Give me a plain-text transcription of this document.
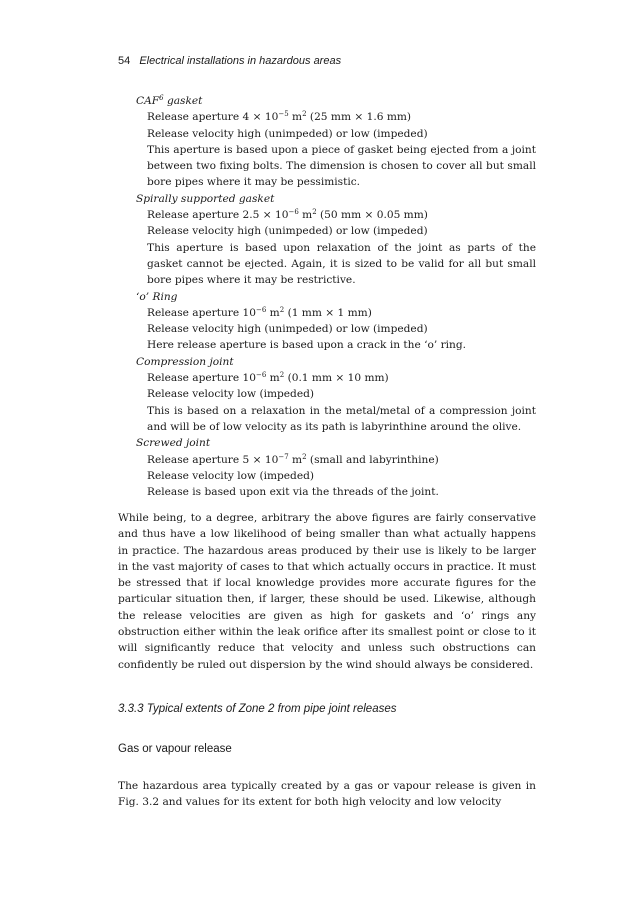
54 Electrical installations in hazardous areas
CAF$^6$ gasket
Release aperture $4 \times 10^{-5}$ $m^2$ (25 mm × 1.6 mm)
Release velocity high (unimpeded) or low (impeded)
This aperture is based upon a piece of gasket being ejected from a joint between two fixing bolts. The dimension is chosen to cover all but small bore pipes where it may be pessimistic.
Spirally supported gasket
Release aperture $2.5 \times 10^{-6}$ $m^2$ (50 mm × 0.05 mm)
Release velocity high (unimpeded) or low (impeded)
This aperture is based upon relaxation of the joint as parts of the gasket cannot be ejected. Again, it is sized to be valid for all but small bore pipes where it may be restrictive.
‘o’ Ring
Release aperture $10^{-6}$ $m^2$ (1 mm × 1 mm)
Release velocity high (unimpeded) or low (impeded)
Here release aperture is based upon a crack in the ‘o’ ring.
Compression joint
Release aperture $10^{-6}$ $m^2$ (0.1 mm × 10 mm)
Release velocity low (impeded)
This is based on a relaxation in the metal/metal of a compression joint and will be of low velocity as its path is labyrinthine around the olive.
Screwed joint
Release aperture $5 \times 10^{-7}$ $m^2$ (small and labyrinthine)
Release velocity low (impeded)
Release is based upon exit via the threads of the joint.
While being, to a degree, arbitrary the above figures are fairly conservative and thus have a low likelihood of being smaller than what actually happens in practice. The hazardous areas produced by their use is likely to be larger in the vast majority of cases to that which actually occurs in practice. It must be stressed that if local knowledge provides more accurate figures for the particular situation then, if larger, these should be used. Likewise, although the release velocities are given as high for gaskets and ‘o’ rings any obstruction either within the leak orifice after its smallest point or close to it will significantly reduce that velocity and unless such obstructions can confidently be ruled out dispersion by the wind should always be considered.
3.3.3 Typical extents of Zone 2 from pipe joint releases
Gas or vapour release
The hazardous area typically created by a gas or vapour release is given in Fig. 3.2 and values for its extent for both high velocity and low velocity
